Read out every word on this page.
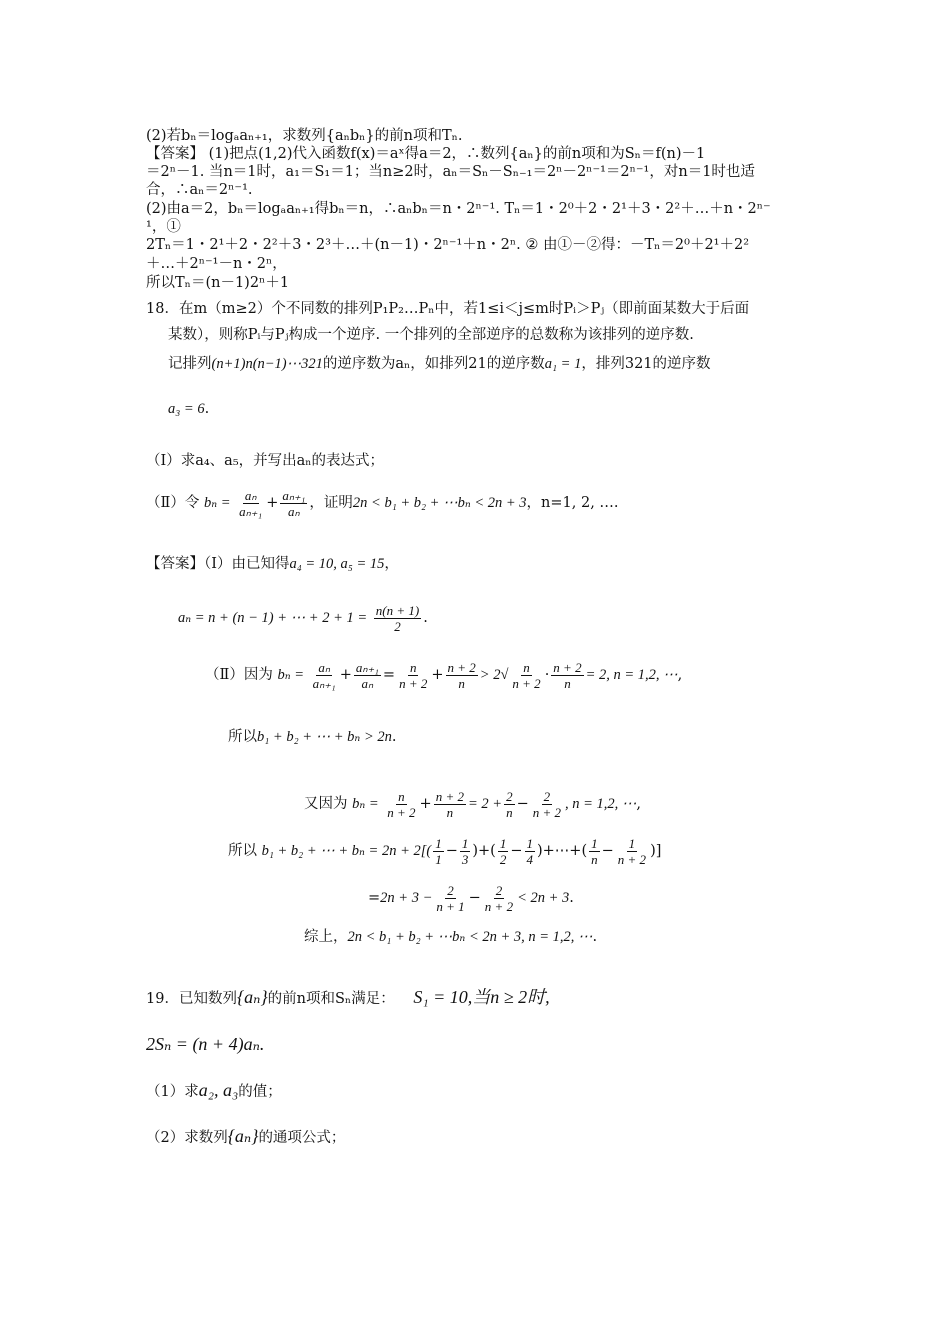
(2)若bₙ＝logₐaₙ₊₁，求数列{aₙbₙ}的前n项和Tₙ.
【答案】 (1)把点(1,2)代入函数f(x)＝aˣ得a＝2，∴数列{aₙ}的前n项和为Sₙ＝f(n)－1
＝2ⁿ－1. 当n＝1时，a₁＝S₁＝1；当n≥2时，aₙ＝Sₙ－Sₙ₋₁＝2ⁿ－2ⁿ⁻¹＝2ⁿ⁻¹，对n＝1时也适
合，∴aₙ＝2ⁿ⁻¹.
(2)由a＝2，bₙ＝logₐaₙ₊₁得bₙ＝n，∴aₙbₙ＝n・2ⁿ⁻¹. Tₙ＝1・2⁰＋2・2¹＋3・2²＋…＋n・2ⁿ⁻
¹，①
2Tₙ＝1・2¹＋2・2²＋3・2³＋…＋(n－1)・2ⁿ⁻¹＋n・2ⁿ. ② 由①－②得：－Tₙ＝2⁰＋2¹＋2²
＋…＋2ⁿ⁻¹－n・2ⁿ，
所以Tₙ＝(n－1)2ⁿ＋1
18．在m（m≥2）个不同数的排列P₁P₂…Pₙ中，若1≤i＜j≤m时Pᵢ＞Pⱼ（即前面某数大于后面
某数），则称Pᵢ与Pⱼ构成一个逆序. 一个排列的全部逆序的总数称为该排列的逆序数.
记排列(n+1)n(n−1)⋯321的逆序数为aₙ，如排列21的逆序数a₁ = 1，排列321的逆序数
a₃ = 6.
（I）求a₄、a₅，并写出aₙ的表达式；
（Ⅱ）令 $b_n = \frac{\text{aₙ}}{\text{aₙ₊₁}} + \frac{\text{aₙ₊₁}}{\text{aₙ}}$ ，证明2n < b₁ + b₂ + ⋯bₙ < 2n + 3，n=1, 2, ….
【答案】（Ⅰ）由已知得a₄ = 10, a₅ = 15，
aₙ = n + (n − 1) + ⋯ + $2 + 1 = \frac{n(n + 1)}{2}$ .
（Ⅱ）因为 $b_n = \frac{\text{aₙ}}{\text{aₙ₊₁}} + \frac{\text{aₙ₊₁}}{\text{aₙ}} = \frac{n}{n + 2} + \frac{n + 2}{n} > 2√ \frac{n}{n + 2} \cdot \frac{n + 2}{n} = 2$, n = 1,2, ⋯,
所以b₁ + b₂ + ⋯ + bₙ > 2n.
又因为 $b_n = \frac{n}{n + 2} + \frac{n + 2}{n} = 2 + \frac{2}{n} - \frac{2}{n + 2}$ , n = 1,2, ⋯,
所以 b₁ + b₂ + ⋯ + $b_n = 2n + 2[( \frac{1}{1} - \frac{1}{3}$ )+( $\frac{1}{2} - \frac{1}{4}$ )+⋯+( $\frac{1}{n} - \frac{1}{n + 2}$ )]
$=2n + 3 - \frac{2}{n + 1} - \frac{2}{n + 2} < 2n + 3$.
综上，2n < b₁ + b₂ + ⋯bₙ < 2n + 3, n = 1,2, ⋯.
19．已知数列{aₙ}的前n项和Sₙ满足： S₁ = 10,当n ≥ 2时,
2Sₙ = (n + 4)aₙ.
（1）求a₂, a₃的值；
（2）求数列{aₙ}的通项公式；
